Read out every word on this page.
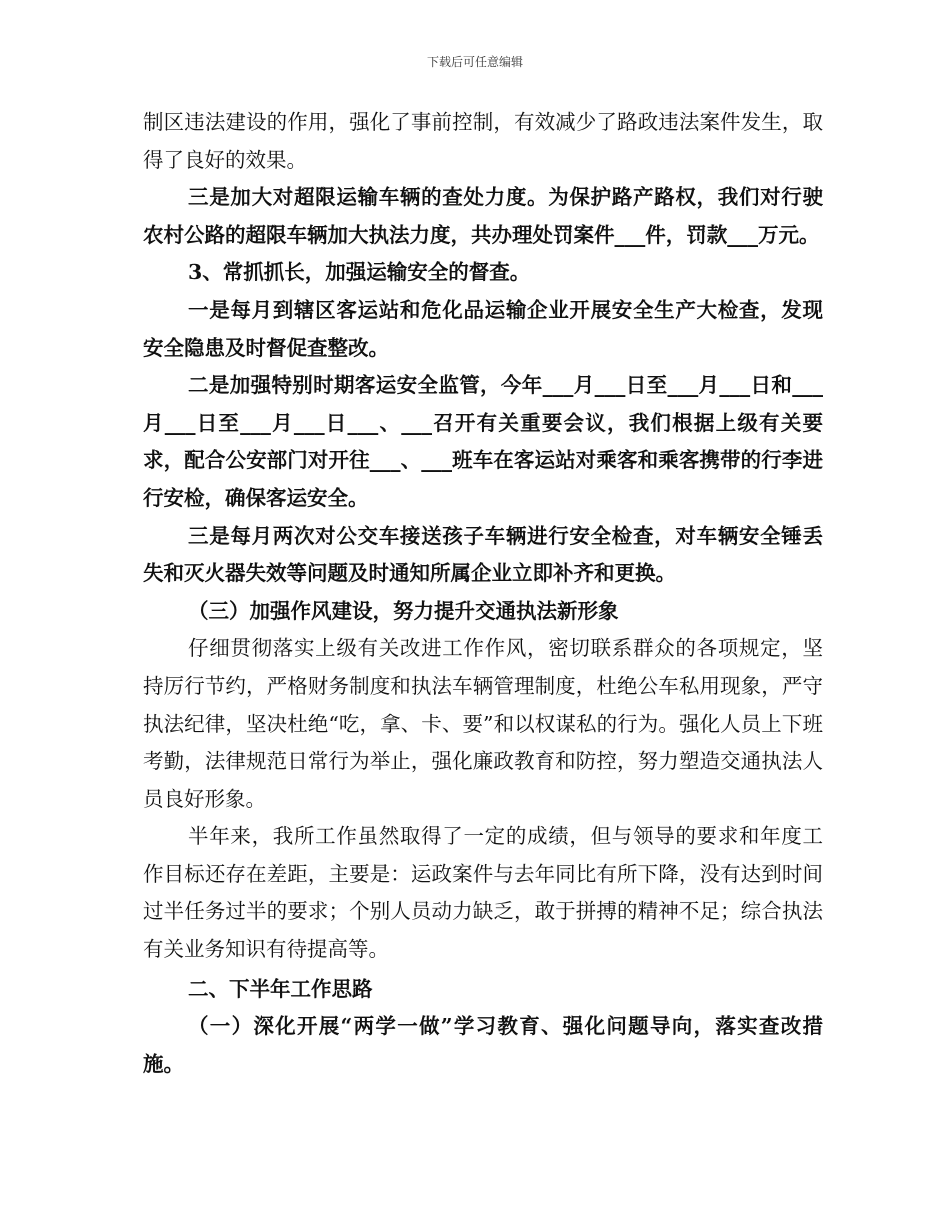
下载后可任意编辑

制区违法建设的作用，强化了事前控制，有效减少了路政违法案件发生，取得了良好的效果。

三是加大对超限运输车辆的查处力度。为保护路产路权，我们对行驶农村公路的超限车辆加大执法力度，共办理处罚案件___件，罚款___万元。

3、常抓抓长，加强运输安全的督查。

一是每月到辖区客运站和危化品运输企业开展安全生产大检查，发现安全隐患及时督促查整改。

二是加强特别时期客运安全监管，今年___月___日至___月___日和___月___日至___月___日___、___召开有关重要会议，我们根据上级有关要求，配合公安部门对开往___、___班车在客运站对乘客和乘客携带的行李进行安检，确保客运安全。

三是每月两次对公交车接送孩子车辆进行安全检查，对车辆安全锤丢失和灭火器失效等问题及时通知所属企业立即补齐和更换。

（三）加强作风建设，努力提升交通执法新形象

仔细贯彻落实上级有关改进工作作风，密切联系群众的各项规定，坚持厉行节约，严格财务制度和执法车辆管理制度，杜绝公车私用现象，严守执法纪律，坚决杜绝“吃，拿、卡、要”和以权谋私的行为。强化人员上下班考勤，法律规范日常行为举止，强化廉政教育和防控，努力塑造交通执法人员良好形象。

半年来，我所工作虽然取得了一定的成绩，但与领导的要求和年度工作目标还存在差距，主要是：运政案件与去年同比有所下降，没有达到时间过半任务过半的要求；个别人员动力缺乏，敢于拼搏的精神不足；综合执法有关业务知识有待提高等。

二、下半年工作思路

（一）深化开展“两学一做”学习教育、强化问题导向，落实查改措施。
